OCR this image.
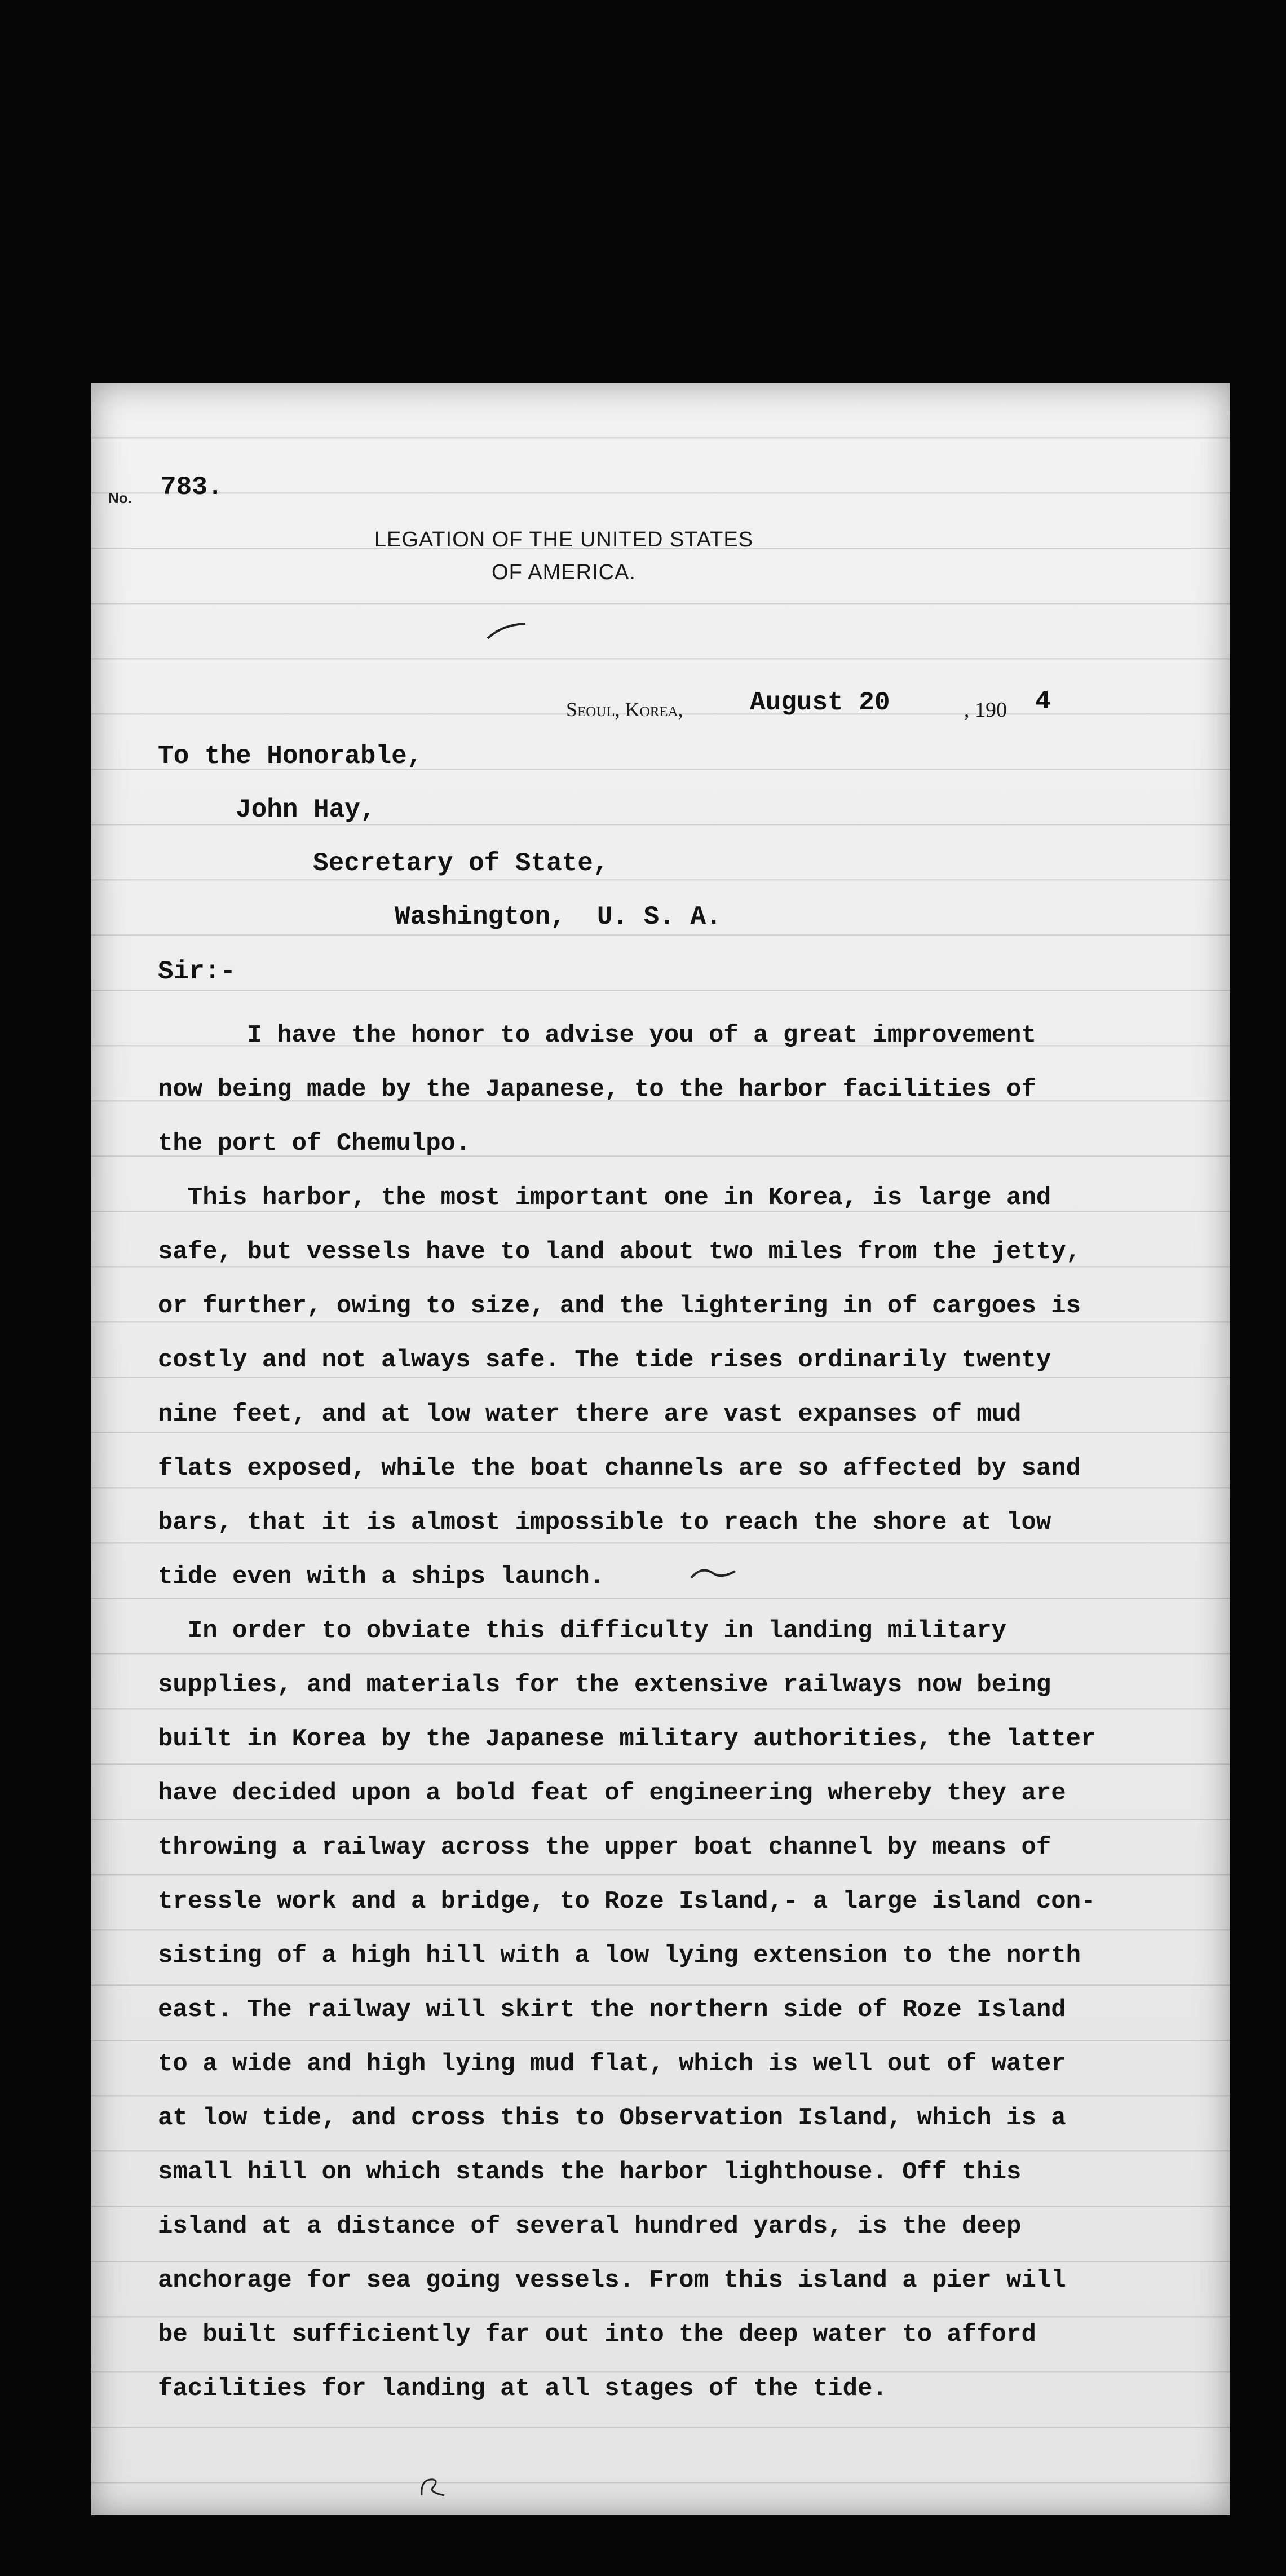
No. 783.
LEGATION OF THE UNITED STATES
OF AMERICA.
Seoul, Korea,	August 20	, 190 4
To the Honorable,
John Hay,
Secretary of State,
Washington,  U. S. A.
Sir:-
I have the honor to advise you of a great improvement
now being made by the Japanese, to the harbor facilities of
the port of Chemulpo.
This harbor, the most important one in Korea, is large and
safe, but vessels have to land about two miles from the jetty,
or further, owing to size, and the lightering in of cargoes is
costly and not always safe. The tide rises ordinarily twenty
nine feet, and at low water there are vast expanses of mud
flats exposed, while the boat channels are so affected by sand
bars, that it is almost impossible to reach the shore at low
tide even with a ships launch.
In order to obviate this difficulty in landing military
supplies, and materials for the extensive railways now being
built in Korea by the Japanese military authorities, the latter
have decided upon a bold feat of engineering whereby they are
throwing a railway across the upper boat channel by means of
tressle work and a bridge, to Roze Island,- a large island con-
sisting of a high hill with a low lying extension to the north
east. The railway will skirt the northern side of Roze Island
to a wide and high lying mud flat, which is well out of water
at low tide, and cross this to Observation Island, which is a
small hill on which stands the harbor lighthouse. Off this
island at a distance of several hundred yards, is the deep
anchorage for sea going vessels. From this island a pier will
be built sufficiently far out into the deep water to afford
facilities for landing at all stages of the tide.
